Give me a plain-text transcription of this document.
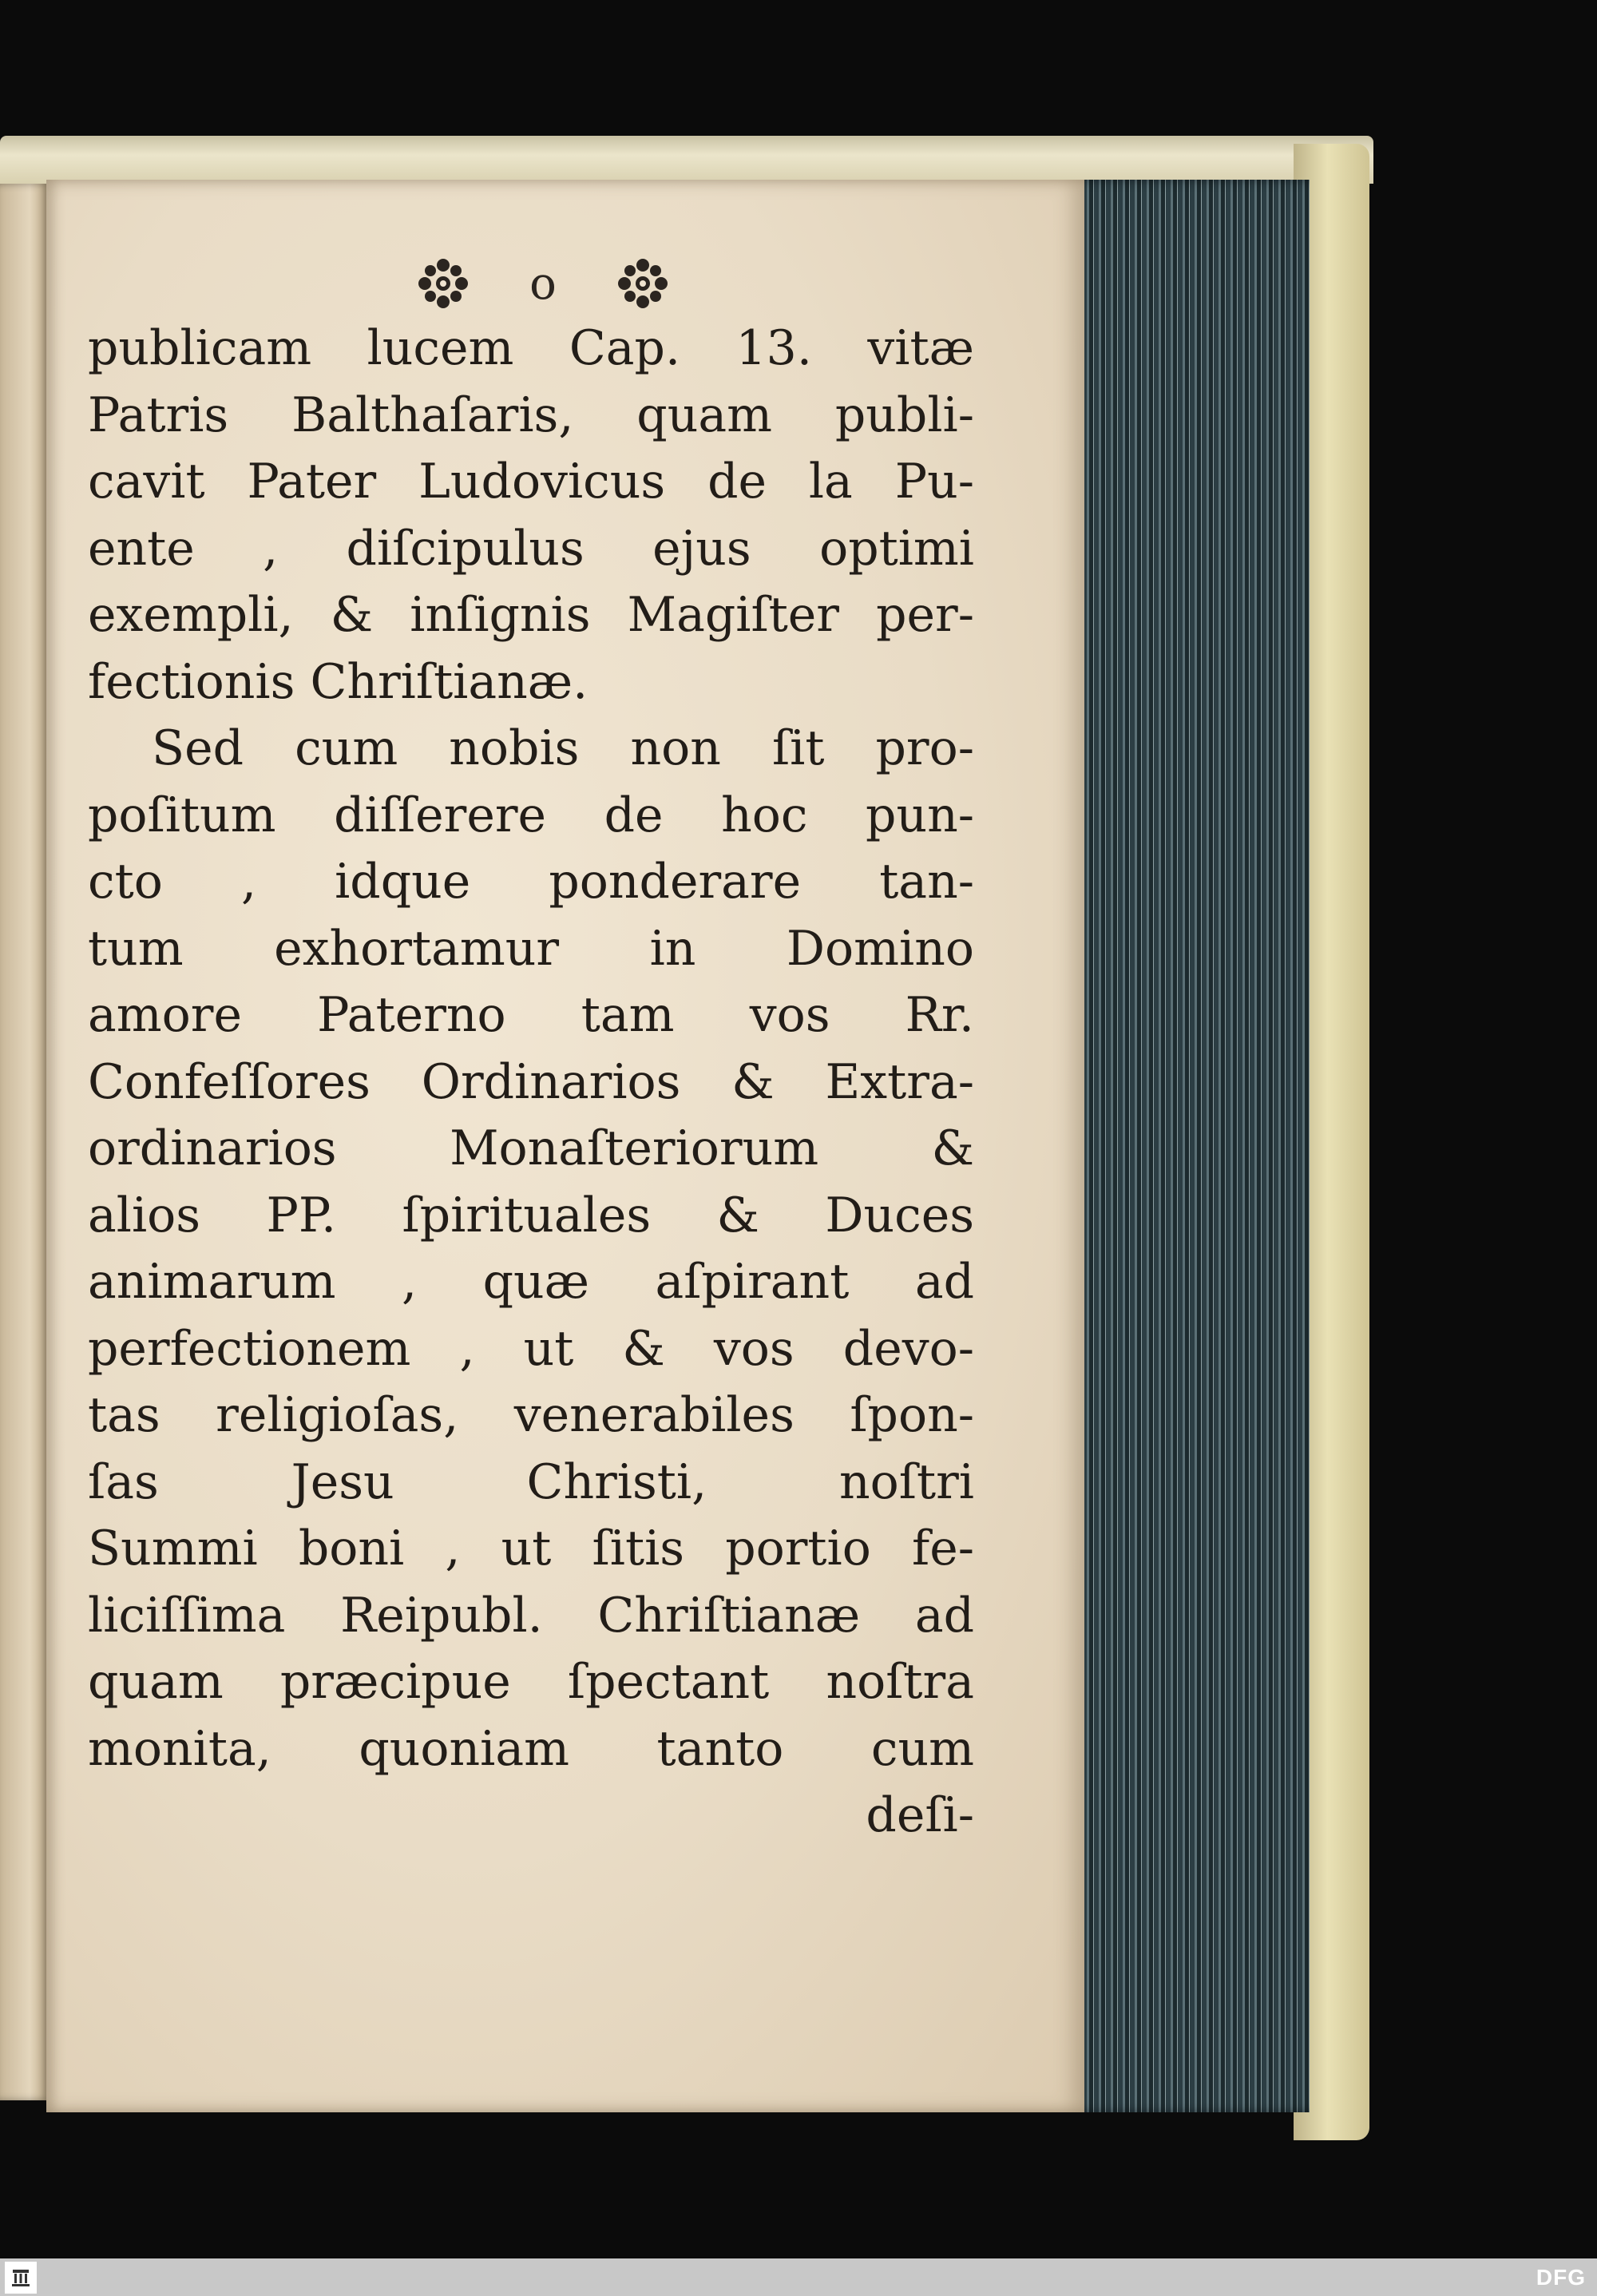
o
publicam lucem Cap. 13. vitæ
Patris Balthaſaris, quam publi-
cavit Pater Ludovicus de la Pu-
ente , diſcipulus ejus optimi
exempli, & inſignis Magiſter per-
fectionis Chriſtianæ.
Sed cum nobis non ſit pro-
poſitum diſſerere de hoc pun-
cto , idque ponderare tan-
tum exhortamur in Domino
amore Paterno tam vos Rr.
Confeſſores Ordinarios & Extra-
ordinarios Monaſteriorum &
alios PP. ſpirituales & Duces
animarum , quæ aſpirant ad
perfectionem , ut & vos devo-
tas religioſas, venerabiles ſpon-
ſas Jesu Christi, noſtri
Summi boni , ut ſitis portio fe-
liciſſima Reipubl. Chriſtianæ ad
quam præcipue ſpectant noſtra
monita, quoniam tanto cum
deſi-
DFG
